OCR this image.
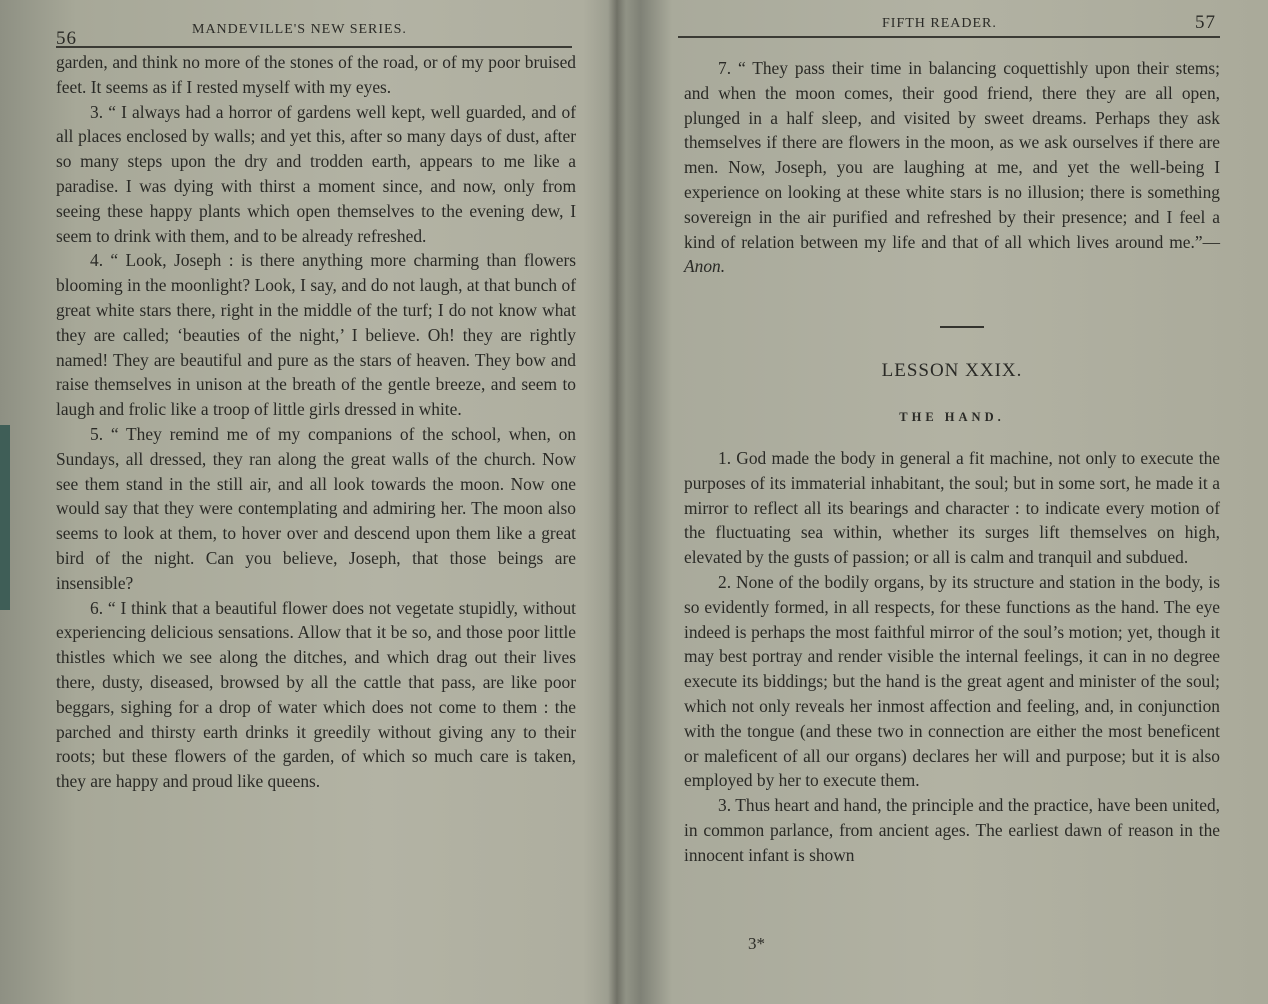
56	MANDEVILLE'S NEW SERIES.

garden, and think no more of the stones of the road, or of my poor bruised feet. It seems as if I rested myself with my eyes.

3. “ I always had a horror of gardens well kept, well guarded, and of all places enclosed by walls; and yet this, after so many days of dust, after so many steps upon the dry and trodden earth, appears to me like a paradise. I was dying with thirst a moment since, and now, only from seeing these happy plants which open themselves to the evening dew, I seem to drink with them, and to be already refreshed.

4. “ Look, Joseph : is there anything more charming than flowers blooming in the moonlight? Look, I say, and do not laugh, at that bunch of great white stars there, right in the middle of the turf; I do not know what they are called; ‘beauties of the night,’ I believe. Oh! they are rightly named! They are beautiful and pure as the stars of heaven. They bow and raise themselves in unison at the breath of the gentle breeze, and seem to laugh and frolic like a troop of little girls dressed in white.

5. “ They remind me of my companions of the school, when, on Sundays, all dressed, they ran along the great walls of the church. Now see them stand in the still air, and all look towards the moon. Now one would say that they were contemplating and admiring her. The moon also seems to look at them, to hover over and descend upon them like a great bird of the night. Can you believe, Joseph, that those beings are insensible?

6. “ I think that a beautiful flower does not vegetate stupidly, without experiencing delicious sensations. Allow that it be so, and those poor little thistles which we see along the ditches, and which drag out their lives there, dusty, diseased, browsed by all the cattle that pass, are like poor beggars, sighing for a drop of water which does not come to them : the parched and thirsty earth drinks it greedily without giving any to their roots; but these flowers of the garden, of which so much care is taken, they are happy and proud like queens.

FIFTH READER.	57

7. “ They pass their time in balancing coquettishly upon their stems; and when the moon comes, their good friend, there they are all open, plunged in a half sleep, and visited by sweet dreams. Perhaps they ask themselves if there are flowers in the moon, as we ask ourselves if there are men. Now, Joseph, you are laughing at me, and yet the well-being I experience on looking at these white stars is no illusion; there is something sovereign in the air purified and refreshed by their presence; and I feel a kind of relation between my life and that of all which lives around me.”—Anon.

LESSON XXIX.
THE HAND.

1. God made the body in general a fit machine, not only to execute the purposes of its immaterial inhabitant, the soul; but in some sort, he made it a mirror to reflect all its bearings and character : to indicate every motion of the fluctuating sea within, whether its surges lift themselves on high, elevated by the gusts of passion; or all is calm and tranquil and subdued.

2. None of the bodily organs, by its structure and station in the body, is so evidently formed, in all respects, for these functions as the hand. The eye indeed is perhaps the most faithful mirror of the soul’s motion; yet, though it may best portray and render visible the internal feelings, it can in no degree execute its biddings; but the hand is the great agent and minister of the soul; which not only reveals her inmost affection and feeling, and, in conjunction with the tongue (and these two in connection are either the most beneficent or maleficent of all our organs) declares her will and purpose; but it is also employed by her to execute them.

3. Thus heart and hand, the principle and the practice, have been united, in common parlance, from ancient ages. The earliest dawn of reason in the innocent infant is shown

3*
